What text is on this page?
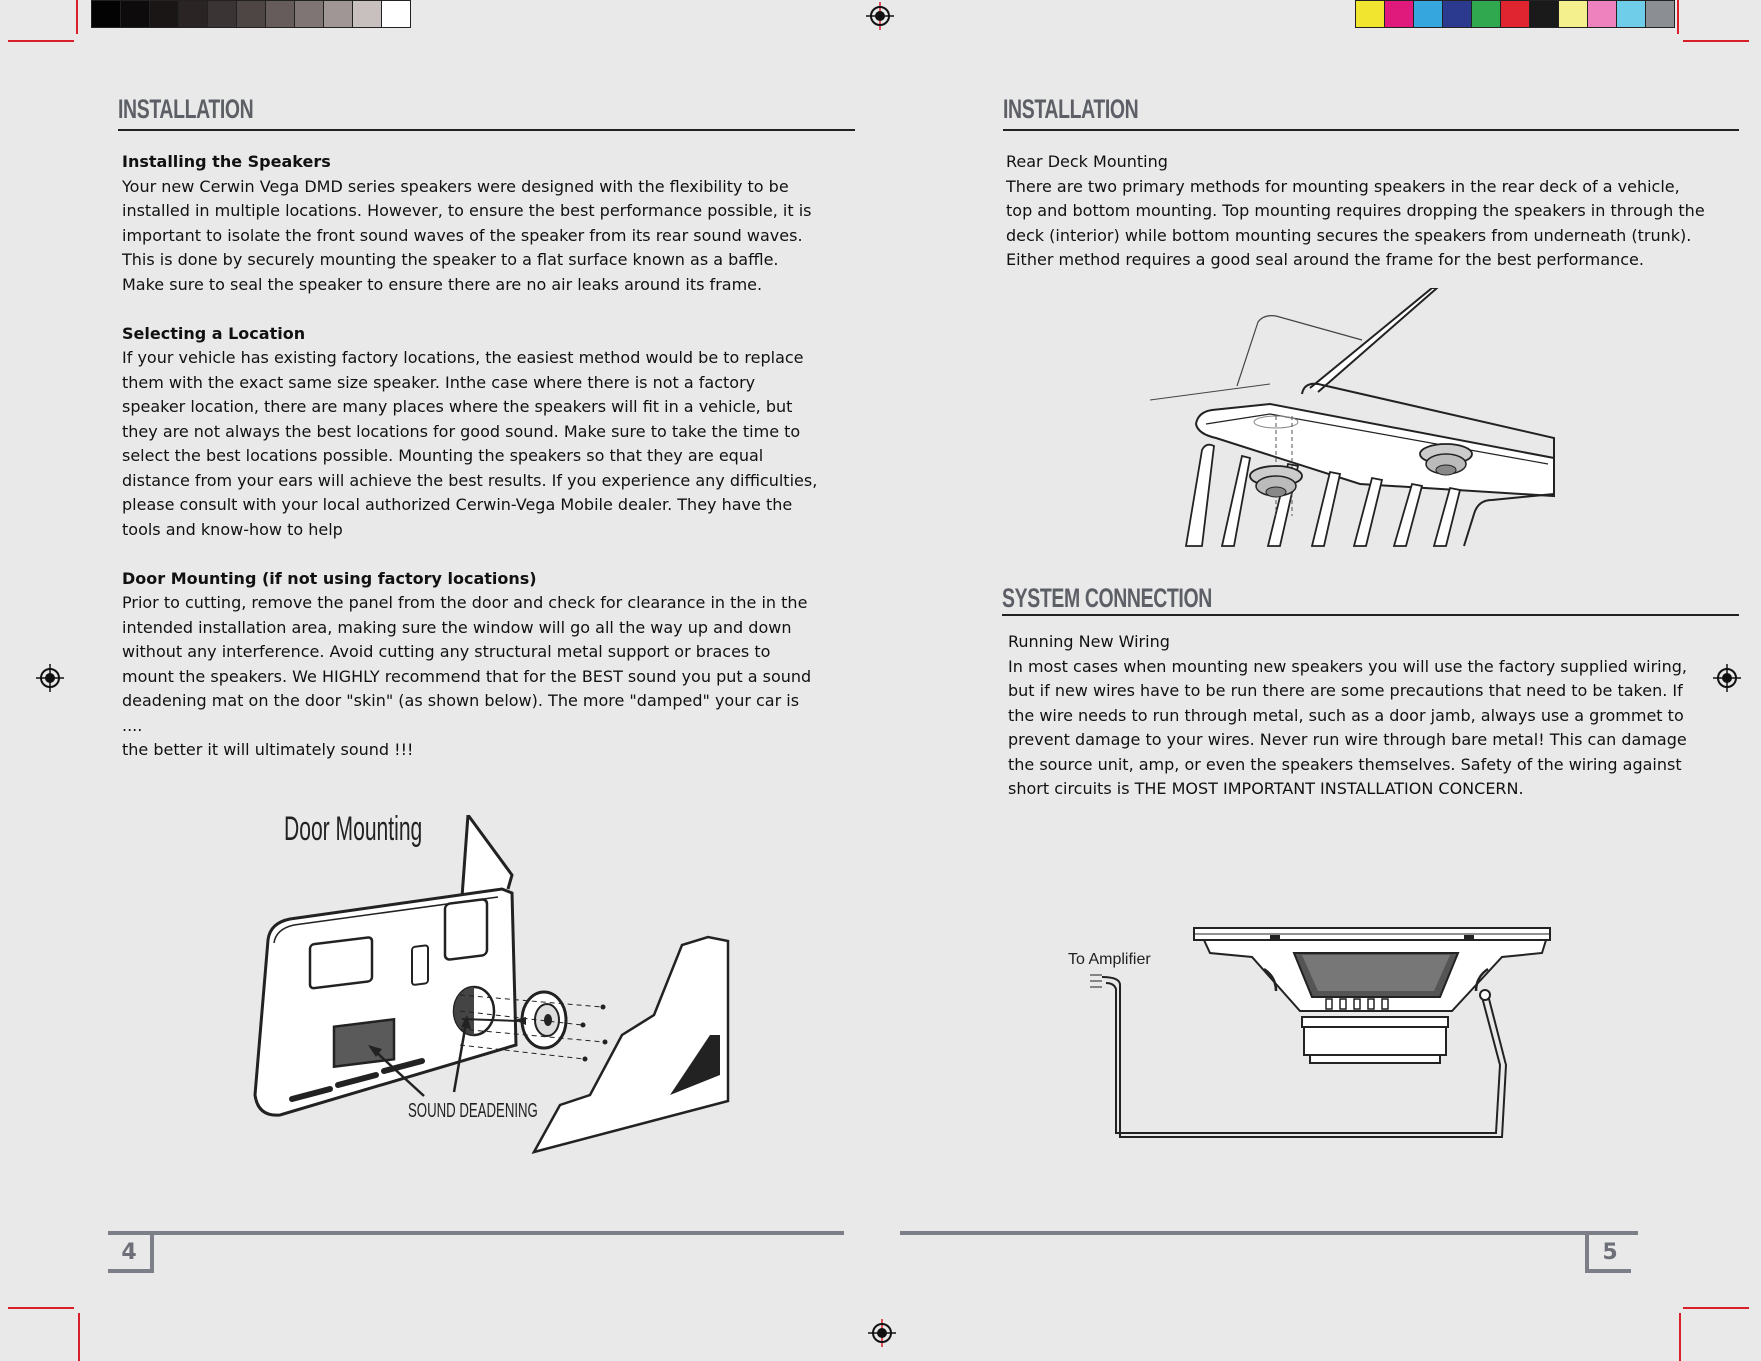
INSTALLATION

Installing the Speakers
Your new Cerwin Vega DMD series speakers were designed with the flexibility to be
installed in multiple locations. However, to ensure the best performance possible, it is
important to isolate the front sound waves of the speaker from its rear sound waves.
This is done by securely mounting the speaker to a flat surface known as a baffle.
Make sure to seal the speaker to ensure there are no air leaks around its frame.

Selecting a Location
If your vehicle has existing factory locations, the easiest method would be to replace
them with the exact same size speaker. Inthe case where there is not a factory
speaker location, there are many places where the speakers will fit in a vehicle, but
they are not always the best locations for good sound. Make sure to take the time to
select the best locations possible. Mounting the speakers so that they are equal
distance from your ears will achieve the best results. If you experience any difficulties,
please consult with your local authorized Cerwin-Vega Mobile dealer. They have the
tools and know-how to help

Door Mounting (if not using factory locations)
Prior to cutting, remove the panel from the door and check for clearance in the in the
intended installation area, making sure the window will go all the way up and down
without any interference. Avoid cutting any structural metal support or braces to
mount the speakers. We HIGHLY recommend that for the BEST sound you put a sound
deadening mat on the door "skin" (as shown below). The more "damped" your car is ....
the better it will ultimately sound !!!

Door Mounting
SOUND DEADENING
4
INSTALLATION
Rear Deck Mounting
There are two primary methods for mounting speakers in the rear deck of a vehicle,
top and bottom mounting. Top mounting requires dropping the speakers in through the
deck (interior) while bottom mounting secures the speakers from underneath (trunk).
Either method requires a good seal around the frame for the best performance.
SYSTEM CONNECTION
Running New Wiring
In most cases when mounting new speakers you will use the factory supplied wiring,
but if new wires have to be run there are some precautions that need to be taken. If
the wire needs to run through metal, such as a door jamb, always use a grommet to
prevent damage to your wires. Never run wire through bare metal! This can damage
the source unit, amp, or even the speakers themselves. Safety of the wiring against
short circuits is THE MOST IMPORTANT INSTALLATION CONCERN.
To Amplifier
5
